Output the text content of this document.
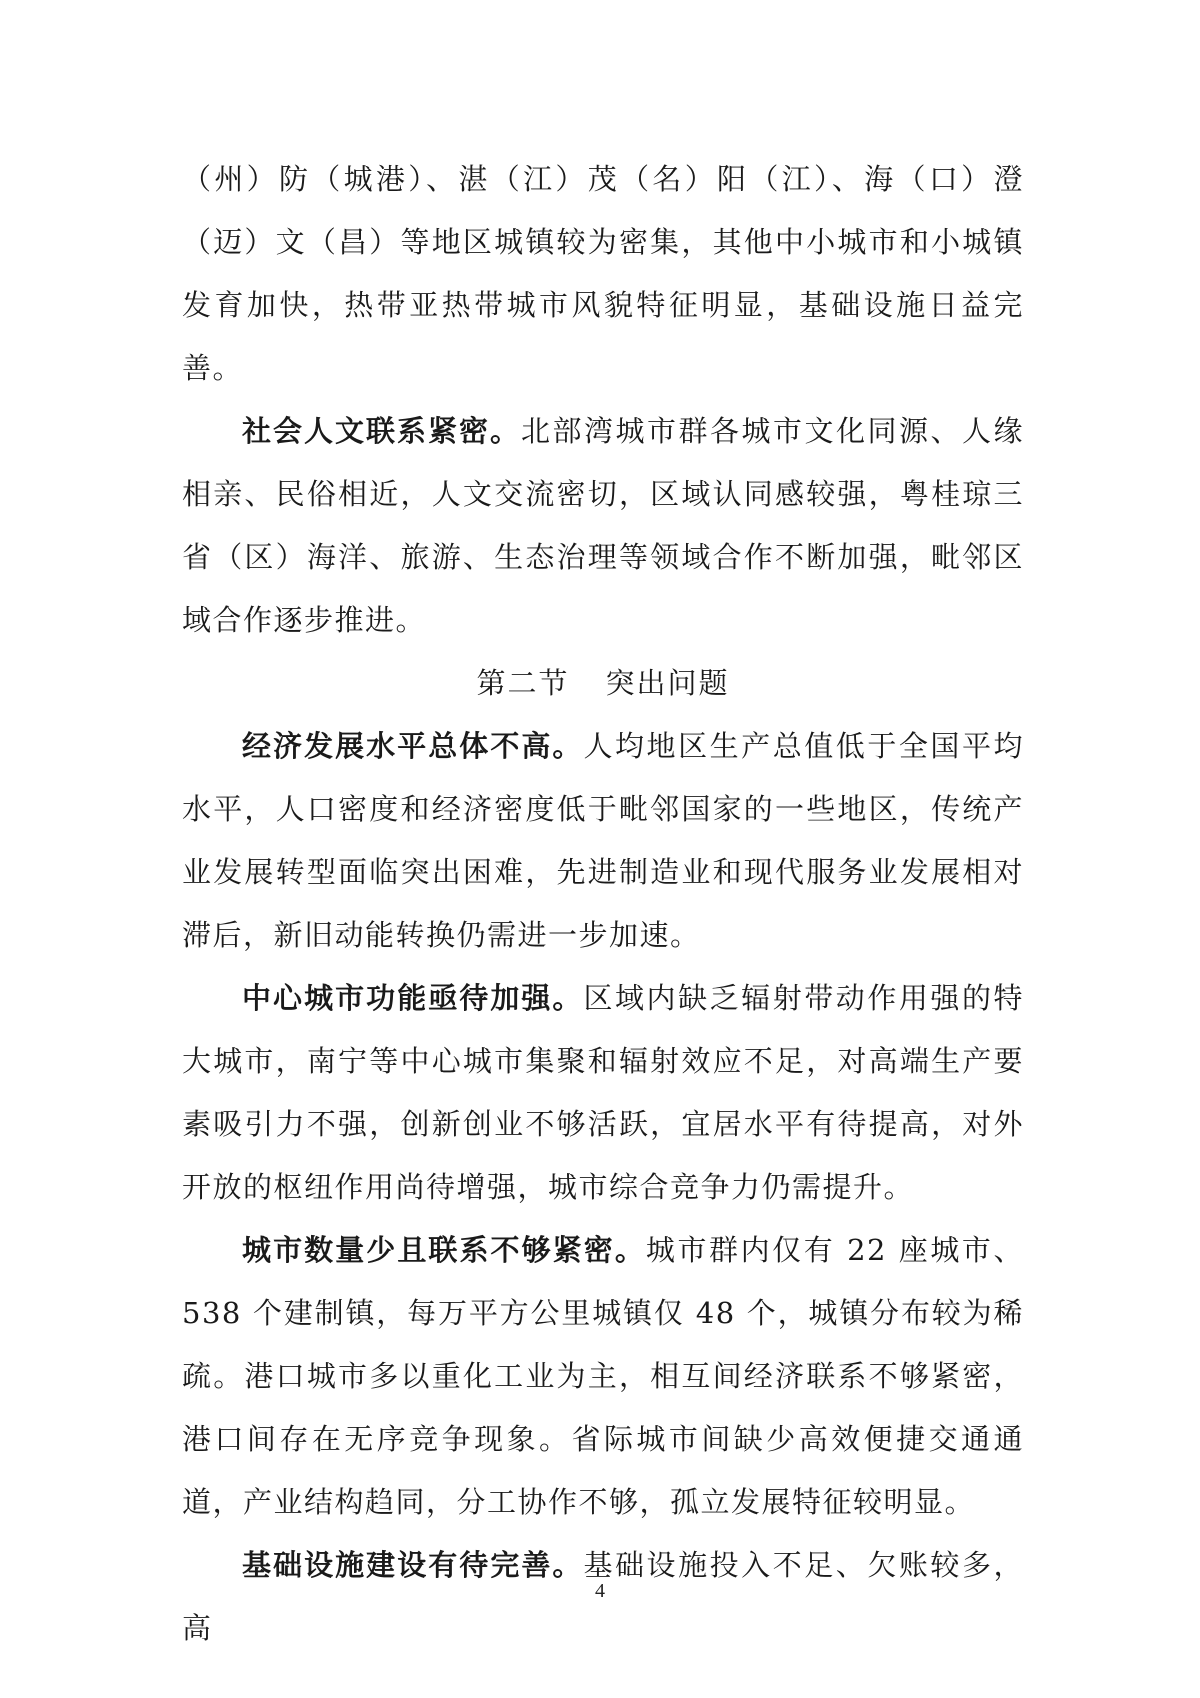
（州）防（城港）、湛（江）茂（名）阳（江）、海（口）澄（迈）文（昌）等地区城镇较为密集，其他中小城市和小城镇发育加快，热带亚热带城市风貌特征明显，基础设施日益完善。

社会人文联系紧密。北部湾城市群各城市文化同源、人缘相亲、民俗相近，人文交流密切，区域认同感较强，粤桂琼三省（区）海洋、旅游、生态治理等领域合作不断加强，毗邻区域合作逐步推进。

第二节 突出问题

经济发展水平总体不高。人均地区生产总值低于全国平均水平，人口密度和经济密度低于毗邻国家的一些地区，传统产业发展转型面临突出困难，先进制造业和现代服务业发展相对滞后，新旧动能转换仍需进一步加速。

中心城市功能亟待加强。区域内缺乏辐射带动作用强的特大城市，南宁等中心城市集聚和辐射效应不足，对高端生产要素吸引力不强，创新创业不够活跃，宜居水平有待提高，对外开放的枢纽作用尚待增强，城市综合竞争力仍需提升。

城市数量少且联系不够紧密。城市群内仅有 22 座城市、538 个建制镇，每万平方公里城镇仅 48 个，城镇分布较为稀疏。港口城市多以重化工业为主，相互间经济联系不够紧密，港口间存在无序竞争现象。省际城市间缺少高效便捷交通通道，产业结构趋同，分工协作不够，孤立发展特征较明显。

基础设施建设有待完善。基础设施投入不足、欠账较多，高

4
